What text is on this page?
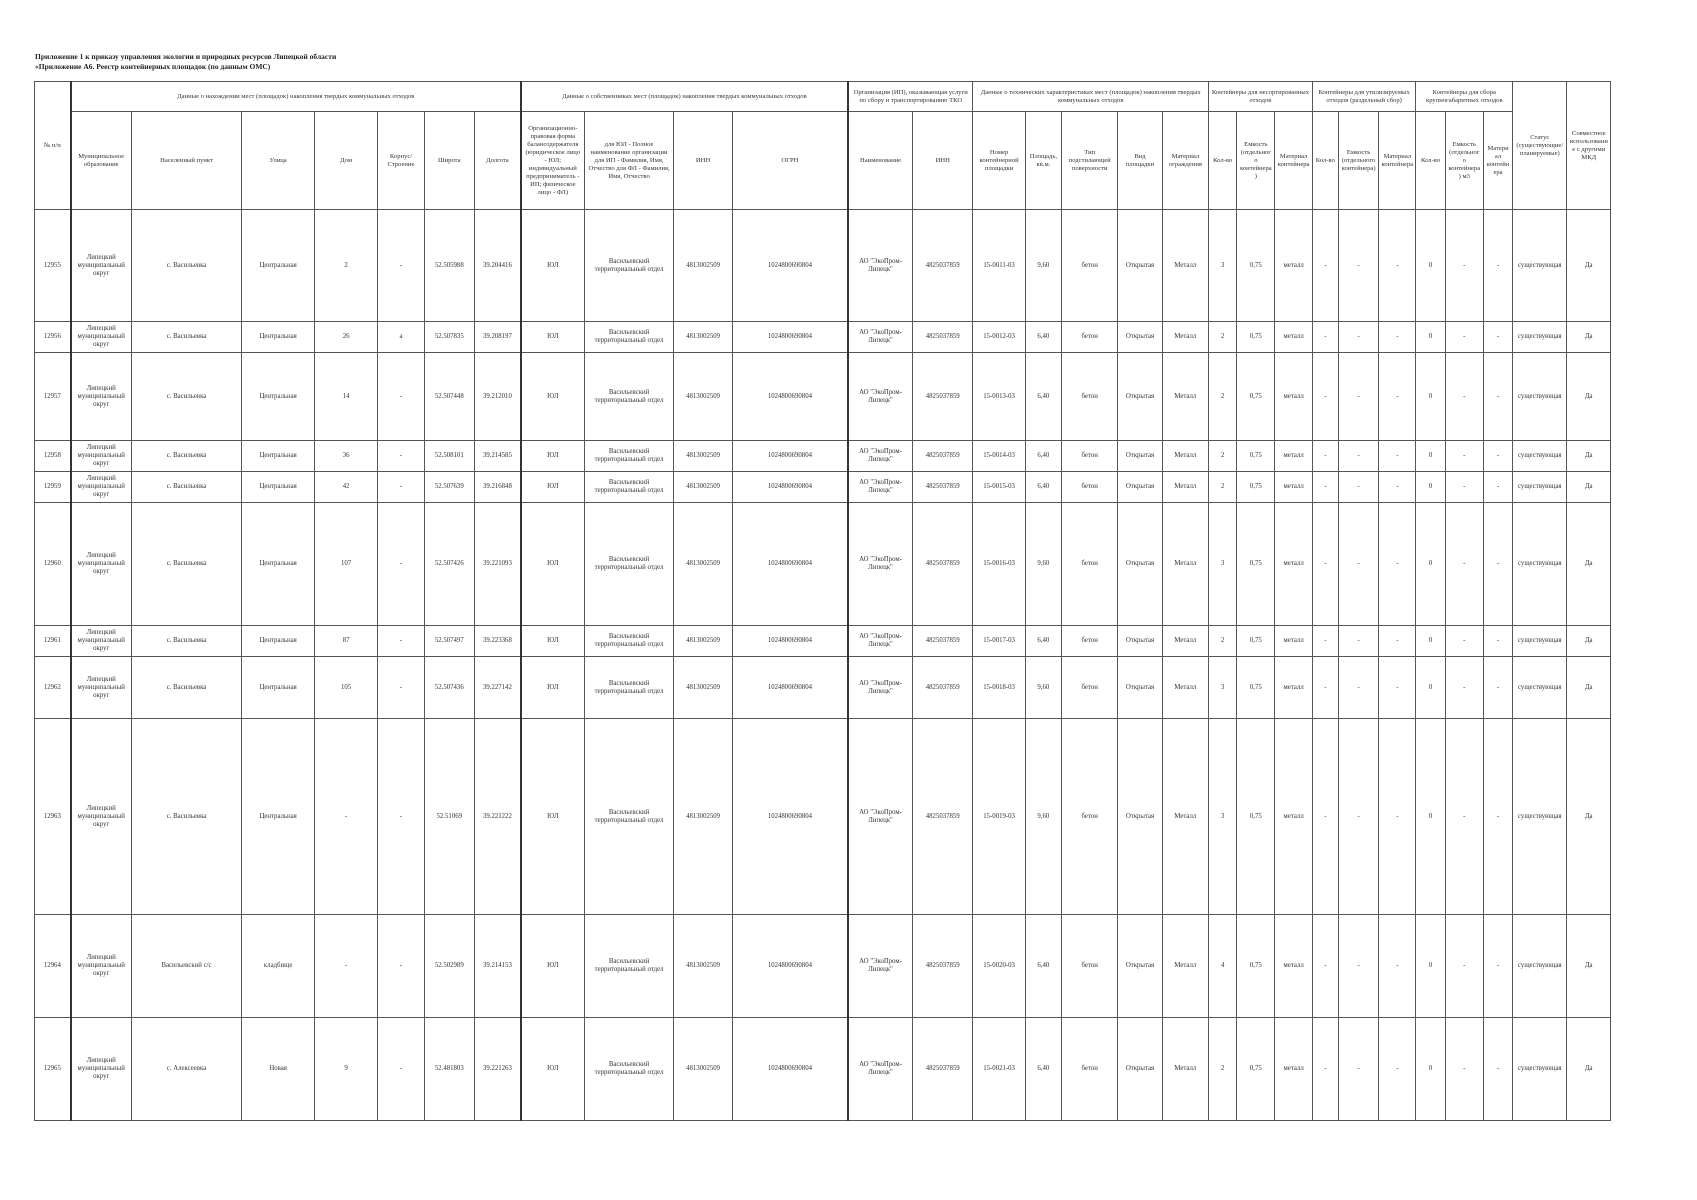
Приложение 1 к приказу управления экологии и природных ресурсов Липецкой области
«Приложение А6. Реестр контейнерных площадок (по данным ОМС)
№ п/п	Данные о нахождении мест (площадок) накопления твердых коммунальных отходов							Данные о собственниках мест (площадок) накопления твердых коммунальных отходов				Организация (ИП), оказывающая услуги по сбору и транспортированию ТКО		Данные о технических характеристиках мест (площадок) накопления твердых коммунальных отходов					Контейнеры для несортированных отходов			Контейнеры для утилизируемых отходов (раздельный сбор)			Контейнеры для сбора крупногабаритных отходов			Статус (существующие/планируемые)	Совместное использование с другими МКД
	Муниципальное образование	Населенный пункт	Улица	Дом	Корпус/Строение	Широта	Долгота	Организационно-правовая форма балансодержателя (юридическое лицо - ЮЛ; индивидуальный предприниматель - ИП; физическое лицо - ФЛ)	для ЮЛ - Полное наименование организации для ИП - Фамилия, Имя, Отчество для ФЛ - Фамилия, Имя, Отчество	ИНН	ОГРН	Наименование	ИНН	Номер контейнерной площадки	Площадь, кв.м.	Тип подстилающей поверхности	Вид площадки	Материал ограждения	Кол-во	Емкость (отдельного контейнера)	Материал контейнера	Кол-во	Емкость (отдельного контейнера)	Материал контейнера	Кол-во	Емкость (отдельного контейнера) м3	Материал контейнера		
12955	Липецкий муниципальный округ	с. Васильевка	Центральная	2	-	52.505988	39.204416	ЮЛ	Васильевский территориальный отдел	4813002509	1024800690804	АО "ЭкоПром-Липецк"	4825037859	15-0011-03	9,60	бетон	Открытая	Металл	3	0,75	металл	-	-	-	0	-	-	существующая	Да
12956	Липецкий муниципальный округ	с. Васильевка	Центральная	26	а	52.507835	39.208197	ЮЛ	Васильевский территориальный отдел	4813002509	1024800690804	АО "ЭкоПром-Липецк"	4825037859	15-0012-03	6,40	бетон	Открытая	Металл	2	0,75	металл	-	-	-	0	-	-	существующая	Да
12957	Липецкий муниципальный округ	с. Васильевка	Центральная	14	-	52.507448	39.212010	ЮЛ	Васильевский территориальный отдел	4813002509	1024800690804	АО "ЭкоПром-Липецк"	4825037859	15-0013-03	6,40	бетон	Открытая	Металл	2	0,75	металл	-	-	-	0	-	-	существующая	Да
12958	Липецкий муниципальный округ	с. Васильевка	Центральная	36	-	52.508101	39.214585	ЮЛ	Васильевский территориальный отдел	4813002509	1024800690804	АО "ЭкоПром-Липецк"	4825037859	15-0014-03	6,40	бетон	Открытая	Металл	2	0,75	металл	-	-	-	0	-	-	существующая	Да
12959	Липецкий муниципальный округ	с. Васильевка	Центральная	42	-	52.507639	39.216848	ЮЛ	Васильевский территориальный отдел	4813002509	1024800690804	АО "ЭкоПром-Липецк"	4825037859	15-0015-03	6,40	бетон	Открытая	Металл	2	0,75	металл	-	-	-	0	-	-	существующая	Да
12960	Липецкий муниципальный округ	с. Васильевка	Центральная	107	-	52.507426	39.221093	ЮЛ	Васильевский территориальный отдел	4813002509	1024800690804	АО "ЭкоПром-Липецк"	4825037859	15-0016-03	9,60	бетон	Открытая	Металл	3	0,75	металл	-	-	-	0	-	-	существующая	Да
12961	Липецкий муниципальный округ	с. Васильевка	Центральная	87	-	52.507497	39.223368	ЮЛ	Васильевский территориальный отдел	4813002509	1024800690804	АО "ЭкоПром-Липецк"	4825037859	15-0017-03	6,40	бетон	Открытая	Металл	2	0,75	металл	-	-	-	0	-	-	существующая	Да
12962	Липецкий муниципальный округ	с. Васильевка	Центральная	105	-	52.507436	39.227142	ЮЛ	Васильевский территориальный отдел	4813002509	1024800690804	АО "ЭкоПром-Липецк"	4825037859	15-0018-03	9,60	бетон	Открытая	Металл	3	0,75	металл	-	-	-	0	-	-	существующая	Да
12963	Липецкий муниципальный округ	с. Васильевка	Центральная	-	-	52.51069	39.221222	ЮЛ	Васильевский территориальный отдел	4813002509	1024800690804	АО "ЭкоПром-Липецк"	4825037859	15-0019-03	9,60	бетон	Открытая	Металл	3	0,75	металл	-	-	-	0	-	-	существующая	Да
12964	Липецкий муниципальный округ	Васильевский с/с	кладбище	-	-	52.502989	39.214153	ЮЛ	Васильевский территориальный отдел	4813002509	1024800690804	АО "ЭкоПром-Липецк"	4825037859	15-0020-03	6,40	бетон	Открытая	Металл	4	0,75	металл	-	-	-	0	-	-	существующая	Да
12965	Липецкий муниципальный округ	с. Алексеевка	Новая	9	-	52.481803	39.221263	ЮЛ	Васильевский территориальный отдел	4813002509	1024800690804	АО "ЭкоПром-Липецк"	4825037859	15-0021-03	6,40	бетон	Открытая	Металл	2	0,75	металл	-	-	-	0	-	-	существующая	Да
